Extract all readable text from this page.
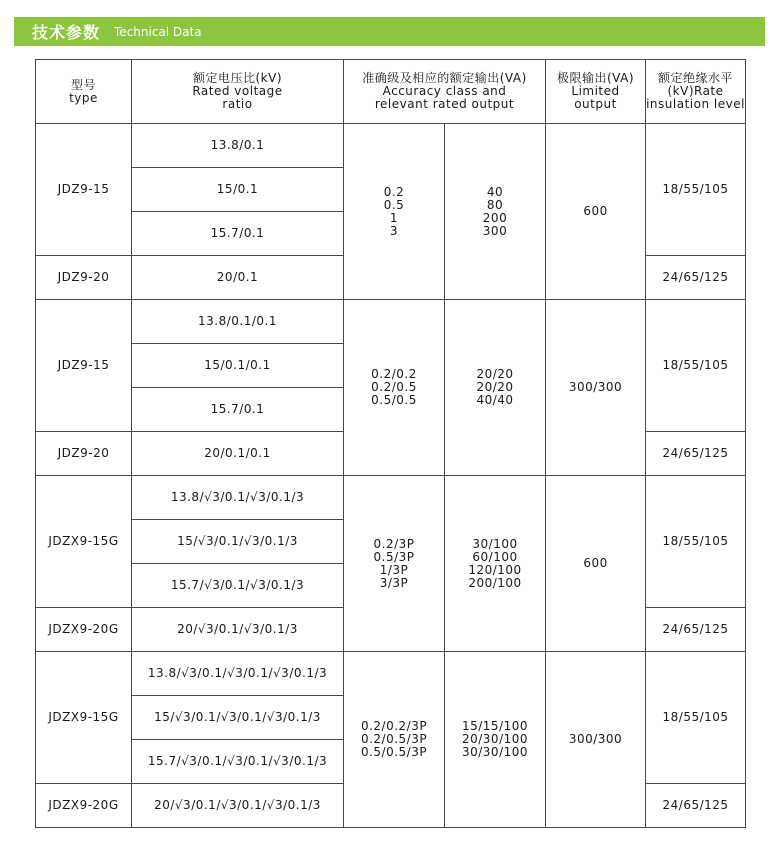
技术参数 Technical Data
型号
type	额定电压比(kV)
Rated voltage
ratio	准确级及相应的额定输出(VA)
Accuracy class and
relevant rated output		极限输出(VA)
Limited
output	额定绝缘水平
(kV)Rate
insulation level

JDZ9-15	13.8/0.1	0.2
0.5
1
3	40
80
200
300	600	18/55/105
	15/0.1				
	15.7/0.1				
JDZ9-20	20/0.1				24/65/125
JDZ9-15	13.8/0.1/0.1	0.2/0.2
0.2/0.5
0.5/0.5	20/20
20/20
40/40	300/300	18/55/105
	15/0.1/0.1				
	15.7/0.1				
JDZ9-20	20/0.1/0.1				24/65/125
JDZX9-15G	13.8/√3/0.1/√3/0.1/3	0.2/3P
0.5/3P
1/3P
3/3P	30/100
60/100
120/100
200/100	600	18/55/105
	15/√3/0.1/√3/0.1/3				
	15.7/√3/0.1/√3/0.1/3				
JDZX9-20G	20/√3/0.1/√3/0.1/3				24/65/125
JDZX9-15G	13.8/√3/0.1/√3/0.1/√3/0.1/3	0.2/0.2/3P
0.2/0.5/3P
0.5/0.5/3P	15/15/100
20/30/100
30/30/100	300/300	18/55/105
	15/√3/0.1/√3/0.1/√3/0.1/3				
	15.7/√3/0.1/√3/0.1/√3/0.1/3				
JDZX9-20G	20/√3/0.1/√3/0.1/√3/0.1/3				24/65/125
